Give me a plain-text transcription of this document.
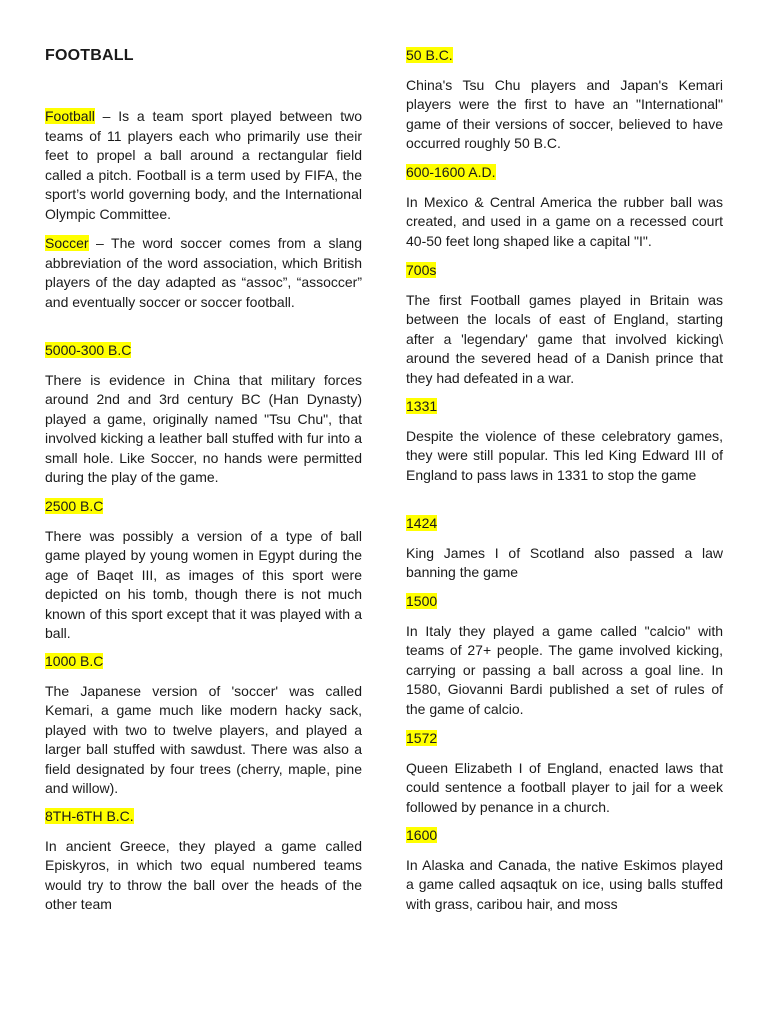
FOOTBALL

Football – Is a team sport played between two teams of 11 players each who primarily use their feet to propel a ball around a rectangular field called a pitch. Football is a term used by FIFA, the sport’s world governing body, and the International Olympic Committee.

Soccer – The word soccer comes from a slang abbreviation of the word association, which British players of the day adapted as “assoc”, “assoccer” and eventually soccer or soccer football.

5000-300 B.C

There is evidence in China that military forces around 2nd and 3rd century BC (Han Dynasty) played a game, originally named "Tsu Chu", that involved kicking a leather ball stuffed with fur into a small hole. Like Soccer, no hands were permitted during the play of the game.

2500 B.C

There was possibly a version of a type of ball game played by young women in Egypt during the age of Baqet III, as images of this sport were depicted on his tomb, though there is not much known of this sport except that it was played with a ball.

1000 B.C

The Japanese version of 'soccer' was called Kemari, a game much like modern hacky sack, played with two to twelve players, and played a larger ball stuffed with sawdust. There was also a field designated by four trees (cherry, maple, pine and willow).

8TH-6TH B.C.

In ancient Greece, they played a game called Episkyros, in which two equal numbered teams would try to throw the ball over the heads of the other team

50 B.C.

China's Tsu Chu players and Japan's Kemari players were the first to have an "International" game of their versions of soccer, believed to have occurred roughly 50 B.C.

600-1600 A.D.

In Mexico & Central America the rubber ball was created, and used in a game on a recessed court 40-50 feet long shaped like a capital "I".

700s

The first Football games played in Britain was between the locals of east of England, starting after a 'legendary' game that involved kicking\ around the severed head of a Danish prince that they had defeated in a war.

1331

Despite the violence of these celebratory games, they were still popular. This led King Edward III of England to pass laws in 1331 to stop the game

1424

King James I of Scotland also passed a law banning the game

1500

In Italy they played a game called "calcio" with teams of 27+ people. The game involved kicking, carrying or passing a ball across a goal line. In 1580, Giovanni Bardi published a set of rules of the game of calcio.

1572

Queen Elizabeth I of England, enacted laws that could sentence a football player to jail for a week followed by penance in a church.

1600

In Alaska and Canada, the native Eskimos played a game called aqsaqtuk on ice, using balls stuffed with grass, caribou hair, and moss
